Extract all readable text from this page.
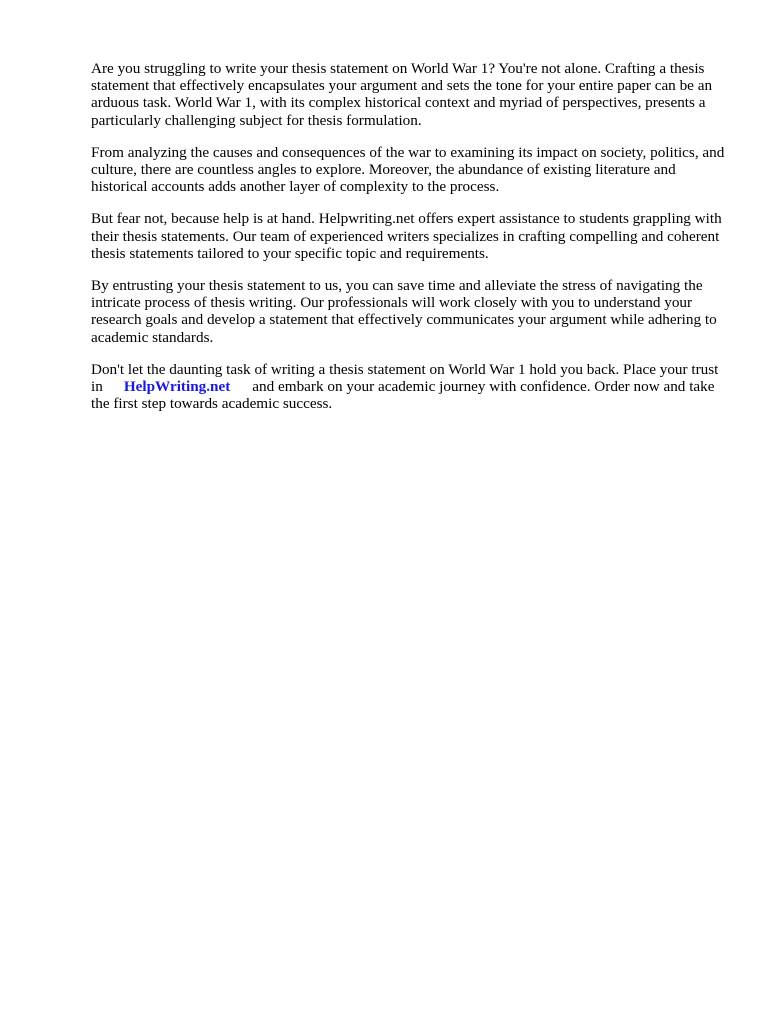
Are you struggling to write your thesis statement on World War 1? You're not alone. Crafting a thesis statement that effectively encapsulates your argument and sets the tone for your entire paper can be an arduous task. World War 1, with its complex historical context and myriad of perspectives, presents a particularly challenging subject for thesis formulation.

From analyzing the causes and consequences of the war to examining its impact on society, politics, and culture, there are countless angles to explore. Moreover, the abundance of existing literature and historical accounts adds another layer of complexity to the process.

But fear not, because help is at hand. Helpwriting.net offers expert assistance to students grappling with their thesis statements. Our team of experienced writers specializes in crafting compelling and coherent thesis statements tailored to your specific topic and requirements.

By entrusting your thesis statement to us, you can save time and alleviate the stress of navigating the intricate process of thesis writing. Our professionals will work closely with you to understand your research goals and develop a statement that effectively communicates your argument while adhering to academic standards.

Don't let the daunting task of writing a thesis statement on World War 1 hold you back. Place your trust in HelpWriting.net and embark on your academic journey with confidence. Order now and take the first step towards academic success.
